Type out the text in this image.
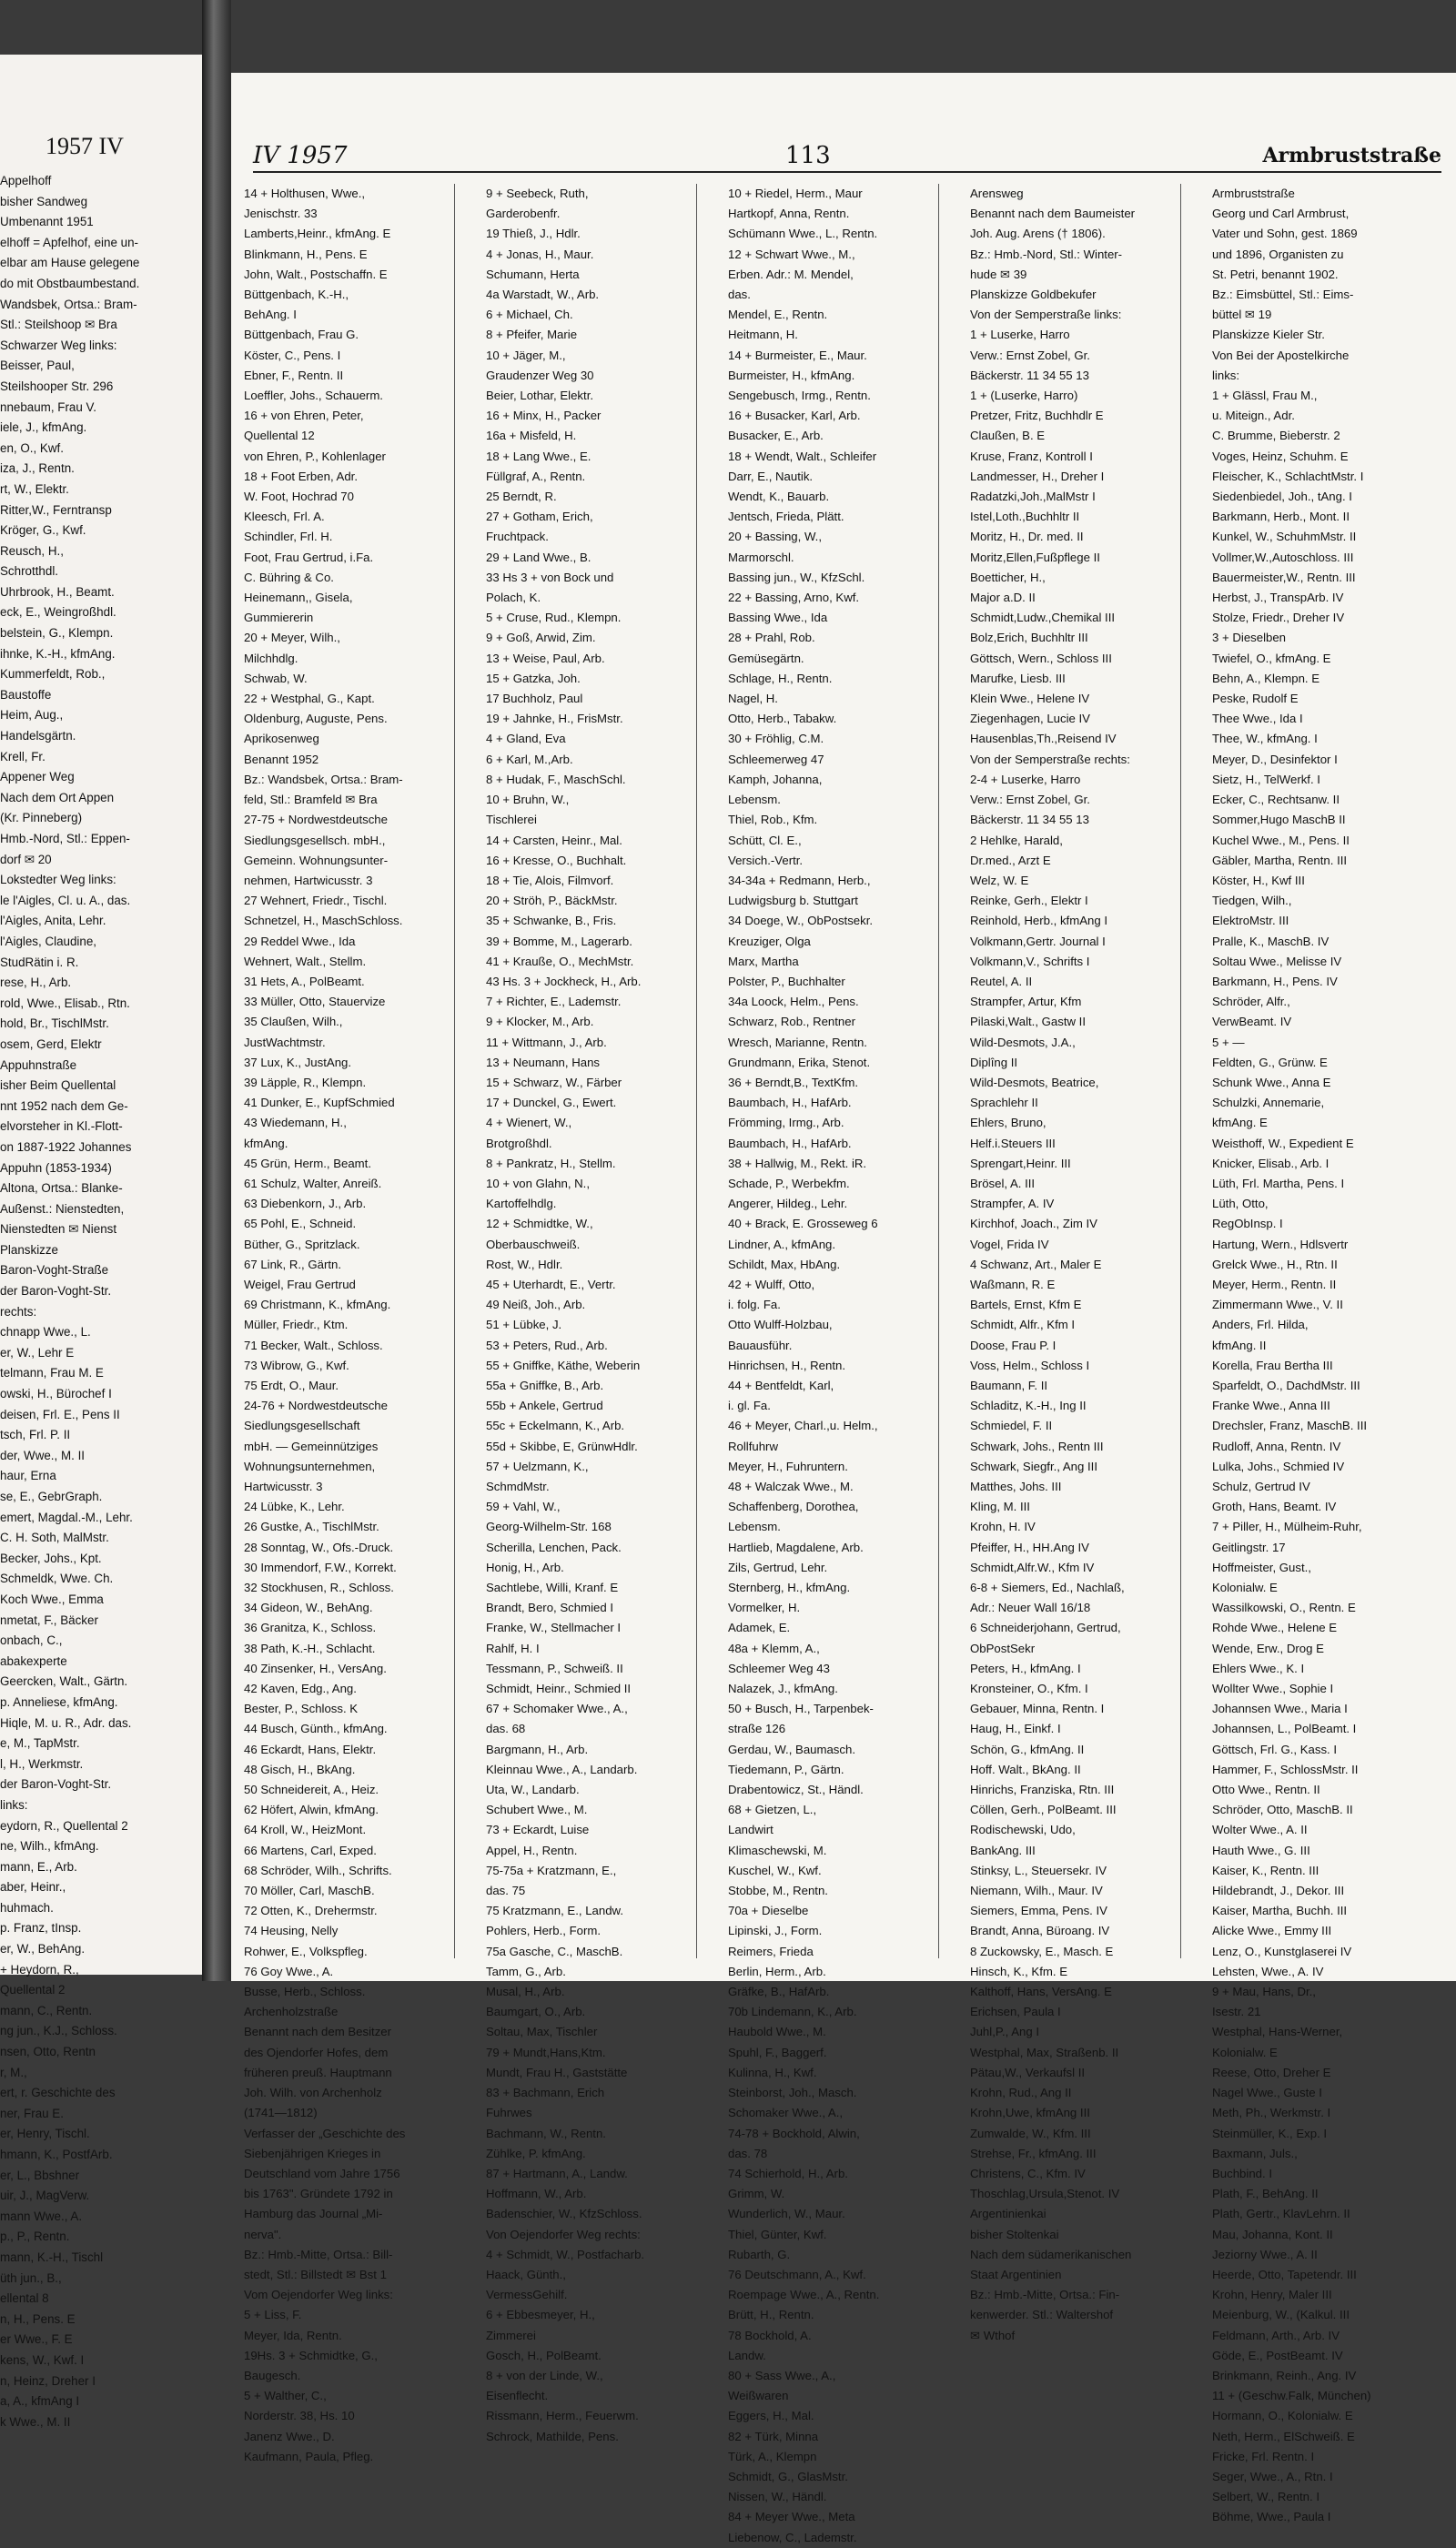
1957 IV
Appelhoff
bisher Sandweg
Umbenannt 1951
elhoff = Apfelhof, eine un-
elbar am Hause gelegene
do mit Obstbaumbestand.
Wandsbek, Ortsa.: Bram-
Stl.: Steilshoop ✉ Bra
Schwarzer Weg links:
Beisser, Paul,
Steilshooper Str. 296
nnebaum, Frau V.
iele, J., kfmAng.
en, O., Kwf.
iza, J., Rentn.
rt, W., Elektr.
Ritter,W., Ferntransp
Kröger, G., Kwf.
Reusch, H.,
Schrotthdl.
Uhrbrook, H., Beamt.
eck, E., Weingroßhdl.
belstein, G., Klempn.
ihnke, K.-H., kfmAng.
Kummerfeldt, Rob.,
Baustoffe
Heim, Aug.,
Handelsgärtn.
Krell, Fr.
Appener Weg
Nach dem Ort Appen
(Kr. Pinneberg)
Hmb.-Nord, Stl.: Eppen-
dorf ✉ 20
Lokstedter Weg links:
le l'Aigles, Cl. u. A., das.
l'Aigles, Anita, Lehr.
l'Aigles, Claudine,
StudRätin i. R.
rese, H., Arb.
rold, Wwe., Elisab., Rtn.
hold, Br., TischlMstr.
osem, Gerd, Elektr
Appuhnstraße
isher Beim Quellental
nnt 1952 nach dem Ge-
elvorsteher in Kl.-Flott-
on 1887-1922 Johannes
Appuhn (1853-1934)
Altona, Ortsa.: Blanke-
Außenst.: Nienstedten,
Nienstedten ✉ Nienst
Planskizze
Baron-Voght-Straße
der Baron-Voght-Str.
rechts:
chnapp Wwe., L.
er, W., Lehr E
telmann, Frau M. E
owski, H., Bürochef I
deisen, Frl. E., Pens II
tsch, Frl. P. II
der, Wwe., M. II
haur, Erna
se, E., GebrGraph.
emert, Magdal.-M., Lehr.
C. H. Soth, MalMstr.
Becker, Johs., Kpt.
Schmeldk, Wwe. Ch.
Koch Wwe., Emma
nmetat, F., Bäcker
onbach, C.,
abakexperte
Geercken, Walt., Gärtn.
p. Anneliese, kfmAng.
Hiqle, M. u. R., Adr. das.
e, M., TapMstr.
l, H., Werkmstr.
der Baron-Voght-Str.
links:
eydorn, R., Quellental 2
ne, Wilh., kfmAng.
mann, E., Arb.
aber, Heinr.,
huhmach.
p. Franz, tInsp.
er, W., BehAng.
+ Heydorn, R.,
Quellental 2
mann, C., Rentn.
ng jun., K.J., Schloss.
nsen, Otto, Rentn
r, M.,
ert, r. Geschichte des
ner, Frau E.
er, Henry, Tischl.
hmann, K., PostfArb.
er, L., Bbshner
uir, J., MagVerw.
mann Wwe., A.
p., P., Rentn.
mann, K.-H., Tischl
üth jun., B.,
ellental 8
n, H., Pens. E
er Wwe., F. E
kens, W., Kwf. I
n, Heinz, Dreher I
a, A., kfmAng I
k Wwe., M. II
IV 1957	113	Armbruststraße
14 + Holthusen, Wwe.,
Jenischstr. 33
Lamberts,Heinr., kfmAng. E
Blinkmann, H., Pens. E
John, Walt., Postschaffn. E
Büttgenbach, K.-H.,
BehAng. I
Büttgenbach, Frau G.
Köster, C., Pens. I
Ebner, F., Rentn. II
Loeffler, Johs., Schauerm.
16 + von Ehren, Peter,
Quellental 12
von Ehren, P., Kohlenlager
18 + Foot Erben, Adr.
W. Foot, Hochrad 70
Kleesch, Frl. A.
Schindler, Frl. H.
Foot, Frau Gertrud, i.Fa.
C. Bühring & Co.
Heinemann,, Gisela,
Gummiererin
20 + Meyer, Wilh.,
Milchhdlg.
Schwab, W.
22 + Westphal, G., Kapt.
Oldenburg, Auguste, Pens.
Aprikosenweg
Benannt 1952
Bz.: Wandsbek, Ortsa.: Bram-
feld, Stl.: Bramfeld ✉ Bra
27-75 + Nordwestdeutsche
Siedlungsgesellsch. mbH.,
Gemeinn. Wohnungsunter-
nehmen, Hartwicusstr. 3
27 Wehnert, Friedr., Tischl.
Schnetzel, H., MaschSchloss.
29 Reddel Wwe., Ida
Wehnert, Walt., Stellm.
31 Hets, A., PolBeamt.
33 Müller, Otto, Stauervize
35 Claußen, Wilh.,
JustWachtmstr.
37 Lux, K., JustAng.
39 Läpple, R., Klempn.
41 Dunker, E., KupfSchmied
43 Wiedemann, H.,
kfmAng.
45 Grün, Herm., Beamt.
61 Schulz, Walter, Anreiß.
63 Diebenkorn, J., Arb.
65 Pohl, E., Schneid.
Büther, G., Spritzlack.
67 Link, R., Gärtn.
Weigel, Frau Gertrud
69 Christmann, K., kfmAng.
Müller, Friedr., Ktm.
71 Becker, Walt., Schloss.
73 Wibrow, G., Kwf.
75 Erdt, O., Maur.
24-76 + Nordwestdeutsche
Siedlungsgesellschaft
mbH. — Gemeinnütziges
Wohnungsunternehmen,
Hartwicusstr. 3
24 Lübke, K., Lehr.
26 Gustke, A., TischlMstr.
28 Sonntag, W., Ofs.-Druck.
30 Immendorf, F.W., Korrekt.
32 Stockhusen, R., Schloss.
34 Gideon, W., BehAng.
36 Granitza, K., Schloss.
38 Path, K.-H., Schlacht.
40 Zinsenker, H., VersAng.
42 Kaven, Edg., Ang.
Bester, P., Schloss. K
44 Busch, Günth., kfmAng.
46 Eckardt, Hans, Elektr.
48 Gisch, H., BkAng.
50 Schneidereit, A., Heiz.
62 Höfert, Alwin, kfmAng.
64 Kroll, W., HeizMont.
66 Martens, Carl, Exped.
68 Schröder, Wilh., Schrifts.
70 Möller, Carl, MaschB.
72 Otten, K., Drehermstr.
74 Heusing, Nelly
Rohwer, E., Volkspfleg.
76 Goy Wwe., A.
Busse, Herb., Schloss.
Archenholzstraße
Benannt nach dem Besitzer
des Ojendorfer Hofes, dem
früheren preuß. Hauptmann
Joh. Wilh. von Archenholz
(1741—1812)
Verfasser der „Geschichte des
Siebenjährigen Krieges in
Deutschland vom Jahre 1756
bis 1763". Gründete 1792 in
Hamburg das Journal „Mi-
nerva".
Bz.: Hmb.-Mitte, Ortsa.: Bill-
stedt, Stl.: Billstedt ✉ Bst 1
Vom Oejendorfer Weg links:
5 + Liss, F.
Meyer, Ida, Rentn.
19Hs. 3 + Schmidtke, G.,
Baugesch.
5 + Walther, C.,
Norderstr. 38, Hs. 10
Janenz Wwe., D.
Kaufmann, Paula, Pfleg.
9 + Seebeck, Ruth,
Garderobenfr.
19 Thieß, J., Hdlr.
4 + Jonas, H., Maur.
Schumann, Herta
4a Warstadt, W., Arb.
6 + Michael, Ch.
8 + Pfeifer, Marie
10 + Jäger, M.,
Graudenzer Weg 30
Beier, Lothar, Elektr.
16 + Minx, H., Packer
16a + Misfeld, H.
18 + Lang Wwe., E.
Füllgraf, A., Rentn.
25 Berndt, R.
27 + Gotham, Erich,
Fruchtpack.
29 + Land Wwe., B.
33 Hs 3 + von Bock und
Polach, K.
5 + Cruse, Rud., Klempn.
9 + Goß, Arwid, Zim.
13 + Weise, Paul, Arb.
15 + Gatzka, Joh.
17 Buchholz, Paul
19 + Jahnke, H., FrisMstr.
4 + Gland, Eva
6 + Karl, M.,Arb.
8 + Hudak, F., MaschSchl.
10 + Bruhn, W.,
Tischlerei
14 + Carsten, Heinr., Mal.
16 + Kresse, O., Buchhalt.
18 + Tie, Alois, Filmvorf.
20 + Ströh, P., BäckMstr.
35 + Schwanke, B., Fris.
39 + Bomme, M., Lagerarb.
41 + Krauße, O., MechMstr.
43 Hs. 3 + Jockheck, H., Arb.
7 + Richter, E., Lademstr.
9 + Klocker, M., Arb.
11 + Wittmann, J., Arb.
13 + Neumann, Hans
15 + Schwarz, W., Färber
17 + Dunckel, G., Ewert.
4 + Wienert, W.,
Brotgroßhdl.
8 + Pankratz, H., Stellm.
10 + von Glahn, N.,
Kartoffelhdlg.
12 + Schmidtke, W.,
Oberbauschweiß.
Rost, W., Hdlr.
45 + Uterhardt, E., Vertr.
49 Neiß, Joh., Arb.
51 + Lübke, J.
53 + Peters, Rud., Arb.
55 + Gniffke, Käthe, Weberin
55a + Gniffke, B., Arb.
55b + Ankele, Gertrud
55c + Eckelmann, K., Arb.
55d + Skibbe, E, GrünwHdlr.
57 + Uelzmann, K.,
SchmdMstr.
59 + Vahl, W.,
Georg-Wilhelm-Str. 168
Scherilla, Lenchen, Pack.
Honig, H., Arb.
Sachtlebe, Willi, Kranf. E
Brandt, Bero, Schmied I
Franke, W., Stellmacher I
Rahlf, H. I
Tessmann, P., Schweiß. II
Schmidt, Heinr., Schmied II
67 + Schomaker Wwe., A.,
das. 68
Bargmann, H., Arb.
Kleinnau Wwe., A., Landarb.
Uta, W., Landarb.
Schubert Wwe., M.
73 + Eckardt, Luise
Appel, H., Rentn.
75-75a + Kratzmann, E.,
das. 75
75 Kratzmann, E., Landw.
Pohlers, Herb., Form.
75a Gasche, C., MaschB.
Tamm, G., Arb.
Musal, H., Arb.
Baumgart, O., Arb.
Soltau, Max, Tischler
79 + Mundt,Hans,Ktm.
Mundt, Frau H., Gaststätte
83 + Bachmann, Erich
Fuhrwes
Bachmann, W., Rentn.
Zühlke, P. kfmAng.
87 + Hartmann, A., Landw.
Hoffmann, W., Arb.
Badenschier, W., KfzSchloss.
Von Oejendorfer Weg rechts:
4 + Schmidt, W., Postfacharb.
Haack, Günth.,
VermessGehilf.
6 + Ebbesmeyer, H.,
Zimmerei
Gosch, H., PolBeamt.
8 + von der Linde, W.,
Eisenflecht.
Rissmann, Herm., Feuerwm.
Schrock, Mathilde, Pens.
10 + Riedel, Herm., Maur
Hartkopf, Anna, Rentn.
Schümann Wwe., L., Rentn.
12 + Schwart Wwe., M.,
Erben. Adr.: M. Mendel,
das.
Mendel, E., Rentn.
Heitmann, H.
14 + Burmeister, E., Maur.
Burmeister, H., kfmAng.
Sengebusch, Irmg., Rentn.
16 + Busacker, Karl, Arb.
Busacker, E., Arb.
18 + Wendt, Walt., Schleifer
Darr, E., Nautik.
Wendt, K., Bauarb.
Jentsch, Frieda, Plätt.
20 + Bassing, W.,
Marmorschl.
Bassing jun., W., KfzSchl.
22 + Bassing, Arno, Kwf.
Bassing Wwe., Ida
28 + Prahl, Rob.
Gemüsegärtn.
Schlage, H., Rentn.
Nagel, H.
Otto, Herb., Tabakw.
30 + Fröhlig, C.M.
Schleemerweg 47
Kamph, Johanna,
Lebensm.
Thiel, Rob., Kfm.
Schütt, Cl. E.,
Versich.-Vertr.
34-34a + Redmann, Herb.,
Ludwigsburg b. Stuttgart
34 Doege, W., ObPostsekr.
Kreuziger, Olga
Marx, Martha
Polster, P., Buchhalter
34a Loock, Helm., Pens.
Schwarz, Rob., Rentner
Wresch, Marianne, Rentn.
Grundmann, Erika, Stenot.
36 + Berndt,B., TextKfm.
Baumbach, H., HafArb.
Frömming, Irmg., Arb.
Baumbach, H., HafArb.
38 + Hallwig, M., Rekt. iR.
Schade, P., Werbekfm.
Angerer, Hildeg., Lehr.
40 + Brack, E. Grosseweg 6
Lindner, A., kfmAng.
Schildt, Max, HbAng.
42 + Wulff, Otto,
i. folg. Fa.
Otto Wulff-Holzbau,
Bauausführ.
Hinrichsen, H., Rentn.
44 + Bentfeldt, Karl,
i. gl. Fa.
46 + Meyer, Charl.,u. Helm.,
Rollfuhrw
Meyer, H., Fuhruntern.
48 + Walczak Wwe., M.
Schaffenberg, Dorothea,
Lebensm.
Hartlieb, Magdalene, Arb.
Zils, Gertrud, Lehr.
Sternberg, H., kfmAng.
Vormelker, H.
Adamek, E.
48a + Klemm, A.,
Schleemer Weg 43
Nalazek, J., kfmAng.
50 + Busch, H., Tarpenbek-
straße 126
Gerdau, W., Baumasch.
Tiedemann, P., Gärtn.
Drabentowicz, St., Händl.
68 + Gietzen, L.,
Landwirt
Klimaschewski, M.
Kuschel, W., Kwf.
Stobbe, M., Rentn.
70a + Dieselbe
Lipinski, J., Form.
Reimers, Frieda
Berlin, Herm., Arb.
Gräfke, B., HafArb.
70b Lindemann, K., Arb.
Haubold Wwe., M.
Spuhl, F., Baggerf.
Kulinna, H., Kwf.
Steinborst, Joh., Masch.
Schomaker Wwe., A.,
74-78 + Bockhold, Alwin,
das. 78
74 Schierhold, H., Arb.
Grimm, W.
Wunderlich, W., Maur.
Thiel, Günter, Kwf.
Rubarth, G.
76 Deutschmann, A., Kwf.
Roempage Wwe., A., Rentn.
Brütt, H., Rentn.
78 Bockhold, A.
Landw.
80 + Sass Wwe., A.,
Weißwaren
Eggers, H., Mal.
82 + Türk, Minna
Türk, A., Klempn
Schmidt, G., GlasMstr.
Nissen, W., Händl.
84 + Meyer Wwe., Meta
Liebenow, C., Lademstr.
Arensweg
Benannt nach dem Baumeister
Joh. Aug. Arens († 1806).
Bz.: Hmb.-Nord, Stl.: Winter-
hude ✉ 39
Planskizze Goldbekufer
Von der Semperstraße links:
1 + Luserke, Harro
Verw.: Ernst Zobel, Gr.
Bäckerstr. 11 34 55 13
1 + (Luserke, Harro)
Pretzer, Fritz, Buchhdlr E
Claußen, B. E
Kruse, Franz, Kontroll I
Landmesser, H., Dreher I
Radatzki,Joh.,MalMstr I
Istel,Loth.,Buchhltr II
Moritz, H., Dr. med. II
Moritz,Ellen,Fußpflege II
Boetticher, H.,
Major a.D. II
Schmidt,Ludw.,Chemikal III
Bolz,Erich, Buchhltr III
Göttsch, Wern., Schloss III
Marufke, Liesb. III
Klein Wwe., Helene IV
Ziegenhagen, Lucie IV
Hausenblas,Th.,Reisend IV
Von der Semperstraße rechts:
2-4 + Luserke, Harro
Verw.: Ernst Zobel, Gr.
Bäckerstr. 11 34 55 13
2 Hehlke, Harald,
Dr.med., Arzt E
Welz, W. E
Reinke, Gerh., Elektr I
Reinhold, Herb., kfmAng I
Volkmann,Gertr. Journal I
Volkmann,V., Schrifts I
Reutel, A. II
Strampfer, Artur, Kfm
Pilaski,Walt., Gastw II
Wild-Desmots, J.A.,
Diplîng II
Wild-Desmots, Beatrice,
Sprachlehr II
Ehlers, Bruno,
Helf.i.Steuers III
Sprengart,Heinr. III
Brösel, A. III
Strampfer, A. IV
Kirchhof, Joach., Zim IV
Vogel, Frida IV
4 Schwanz, Art., Maler E
Waßmann, R. E
Bartels, Ernst, Kfm E
Schmidt, Alfr., Kfm I
Doose, Frau P. I
Voss, Helm., Schloss I
Baumann, F. II
Schladitz, K.-H., Ing II
Schmiedel, F. II
Schwark, Johs., Rentn III
Schwark, Siegfr., Ang III
Matthes, Johs. III
Kling, M. III
Krohn, H. IV
Pfeiffer, H., HH.Ang IV
Schmidt,Alfr.W., Kfm IV
6-8 + Siemers, Ed., Nachlaß,
Adr.: Neuer Wall 16/18
6 Schneiderjohann, Gertrud,
ObPostSekr
Peters, H., kfmAng. I
Kronsteiner, O., Kfm. I
Gebauer, Minna, Rentn. I
Haug, H., Einkf. I
Schön, G., kfmAng. II
Hoff. Walt., BkAng. II
Hinrichs, Franziska, Rtn. III
Cöllen, Gerh., PolBeamt. III
Rodischewski, Udo,
BankAng. III
Stinksy, L., Steuersekr. IV
Niemann, Wilh., Maur. IV
Siemers, Emma, Pens. IV
Brandt, Anna, Büroang. IV
8 Zuckowsky, E., Masch. E
Hinsch, K., Kfm. E
Kalthoff, Hans, VersAng. E
Erichsen, Paula I
Juhl,P., Ang I
Westphal, Max, Straßenb. II
Pätau,W., Verkaufsl II
Krohn, Rud., Ang II
Krohn,Uwe, kfmAng III
Zumwalde, W., Kfm. III
Strehse, Fr., kfmAng. III
Christens, C., Kfm. IV
Thoschlag,Ursula,Stenot. IV
Argentinienkai
bisher Stoltenkai
Nach dem südamerikanischen
Staat Argentinien
Bz.: Hmb.-Mitte, Ortsa.: Fin-
kenwerder. Stl.: Waltershof
✉ Wthof
Armbruststraße
Georg und Carl Armbrust,
Vater und Sohn, gest. 1869
und 1896, Organisten zu
St. Petri, benannt 1902.
Bz.: Eimsbüttel, Stl.: Eims-
büttel ✉ 19
Planskizze Kieler Str.
Von Bei der Apostelkirche
links:
1 + Glässl, Frau M.,
u. Miteign., Adr.
C. Brumme, Bieberstr. 2
Voges, Heinz, Schuhm. E
Fleischer, K., SchlachtMstr. I
Siedenbiedel, Joh., tAng. I
Barkmann, Herb., Mont. II
Kunkel, W., SchuhmMstr. II
Vollmer,W.,Autoschloss. III
Bauermeister,W., Rentn. III
Herbst, J., TranspArb. IV
Stolze, Friedr., Dreher IV
3 + Dieselben
Twiefel, O., kfmAng. E
Behn, A., Klempn. E
Peske, Rudolf E
Thee Wwe., Ida I
Thee, W., kfmAng. I
Meyer, D., Desinfektor I
Sietz, H., TelWerkf. I
Ecker, C., Rechtsanw. II
Sommer,Hugo MaschB II
Kuchel Wwe., M., Pens. II
Gäbler, Martha, Rentn. III
Köster, H., Kwf III
Tiedgen, Wilh.,
ElektroMstr. III
Pralle, K., MaschB. IV
Soltau Wwe., Melisse IV
Barkmann, H., Pens. IV
Schröder, Alfr.,
VerwBeamt. IV
5 + —
Feldten, G., Grünw. E
Schunk Wwe., Anna E
Schulzki, Annemarie,
kfmAng. E
Weisthoff, W., Expedient E
Knicker, Elisab., Arb. I
Lüth, Frl. Martha, Pens. I
Lüth, Otto,
RegObInsp. I
Hartung, Wern., Hdlsvertr
Grelck Wwe., H., Rtn. II
Meyer, Herm., Rentn. II
Zimmermann Wwe., V. II
Anders, Frl. Hilda,
kfmAng. II
Korella, Frau Bertha III
Sparfeldt, O., DachdMstr. III
Franke Wwe., Anna III
Drechsler, Franz, MaschB. III
Rudloff, Anna, Rentn. IV
Lulka, Johs., Schmied IV
Schulz, Gertrud IV
Groth, Hans, Beamt. IV
7 + Piller, H., Mülheim-Ruhr,
Geitlingstr. 17
Hoffmeister, Gust.,
Kolonialw. E
Wassilkowski, O., Rentn. E
Rohde Wwe., Helene E
Wende, Erw., Drog E
Ehlers Wwe., K. I
Wollter Wwe., Sophie I
Johannsen Wwe., Maria I
Johannsen, L., PolBeamt. I
Göttsch, Frl. G., Kass. I
Hammer, F., SchlossMstr. II
Otto Wwe., Rentn. II
Schröder, Otto, MaschB. II
Wolter Wwe., A. II
Hauth Wwe., G. III
Kaiser, K., Rentn. III
Hildebrandt, J., Dekor. III
Kaiser, Martha, Buchh. III
Alicke Wwe., Emmy III
Lenz, O., Kunstglaserei IV
Lehsten, Wwe., A. IV
9 + Mau, Hans, Dr.,
Isestr. 21
Westphal, Hans-Werner,
Kolonialw. E
Reese, Otto, Dreher E
Nagel Wwe., Guste I
Meth, Ph., Werkmstr. I
Steinmüller, K., Exp. I
Baxmann, Juls.,
Buchbind. I
Plath, F., BehAng. II
Plath, Gertr., KlavLehrn. II
Mau, Johanna, Kont. II
Jeziorny Wwe., A. II
Heerde, Otto, Tapetendr. III
Krohn, Henry, Maler III
Meienburg, W., (Kalkul. III
Feldmann, Arth., Arb. IV
Göde, E., PostBeamt. IV
Brinkmann, Reinh., Ang. IV
11 + (Geschw.Falk, München)
Hormann, O., Kolonialw. E
Neth, Herm., ElSchweiß. E
Fricke, Frl. Rentn. I
Seger, Wwe., A., Rtn. I
Selbert, W., Rentn. I
Böhme, Wwe., Paula I
